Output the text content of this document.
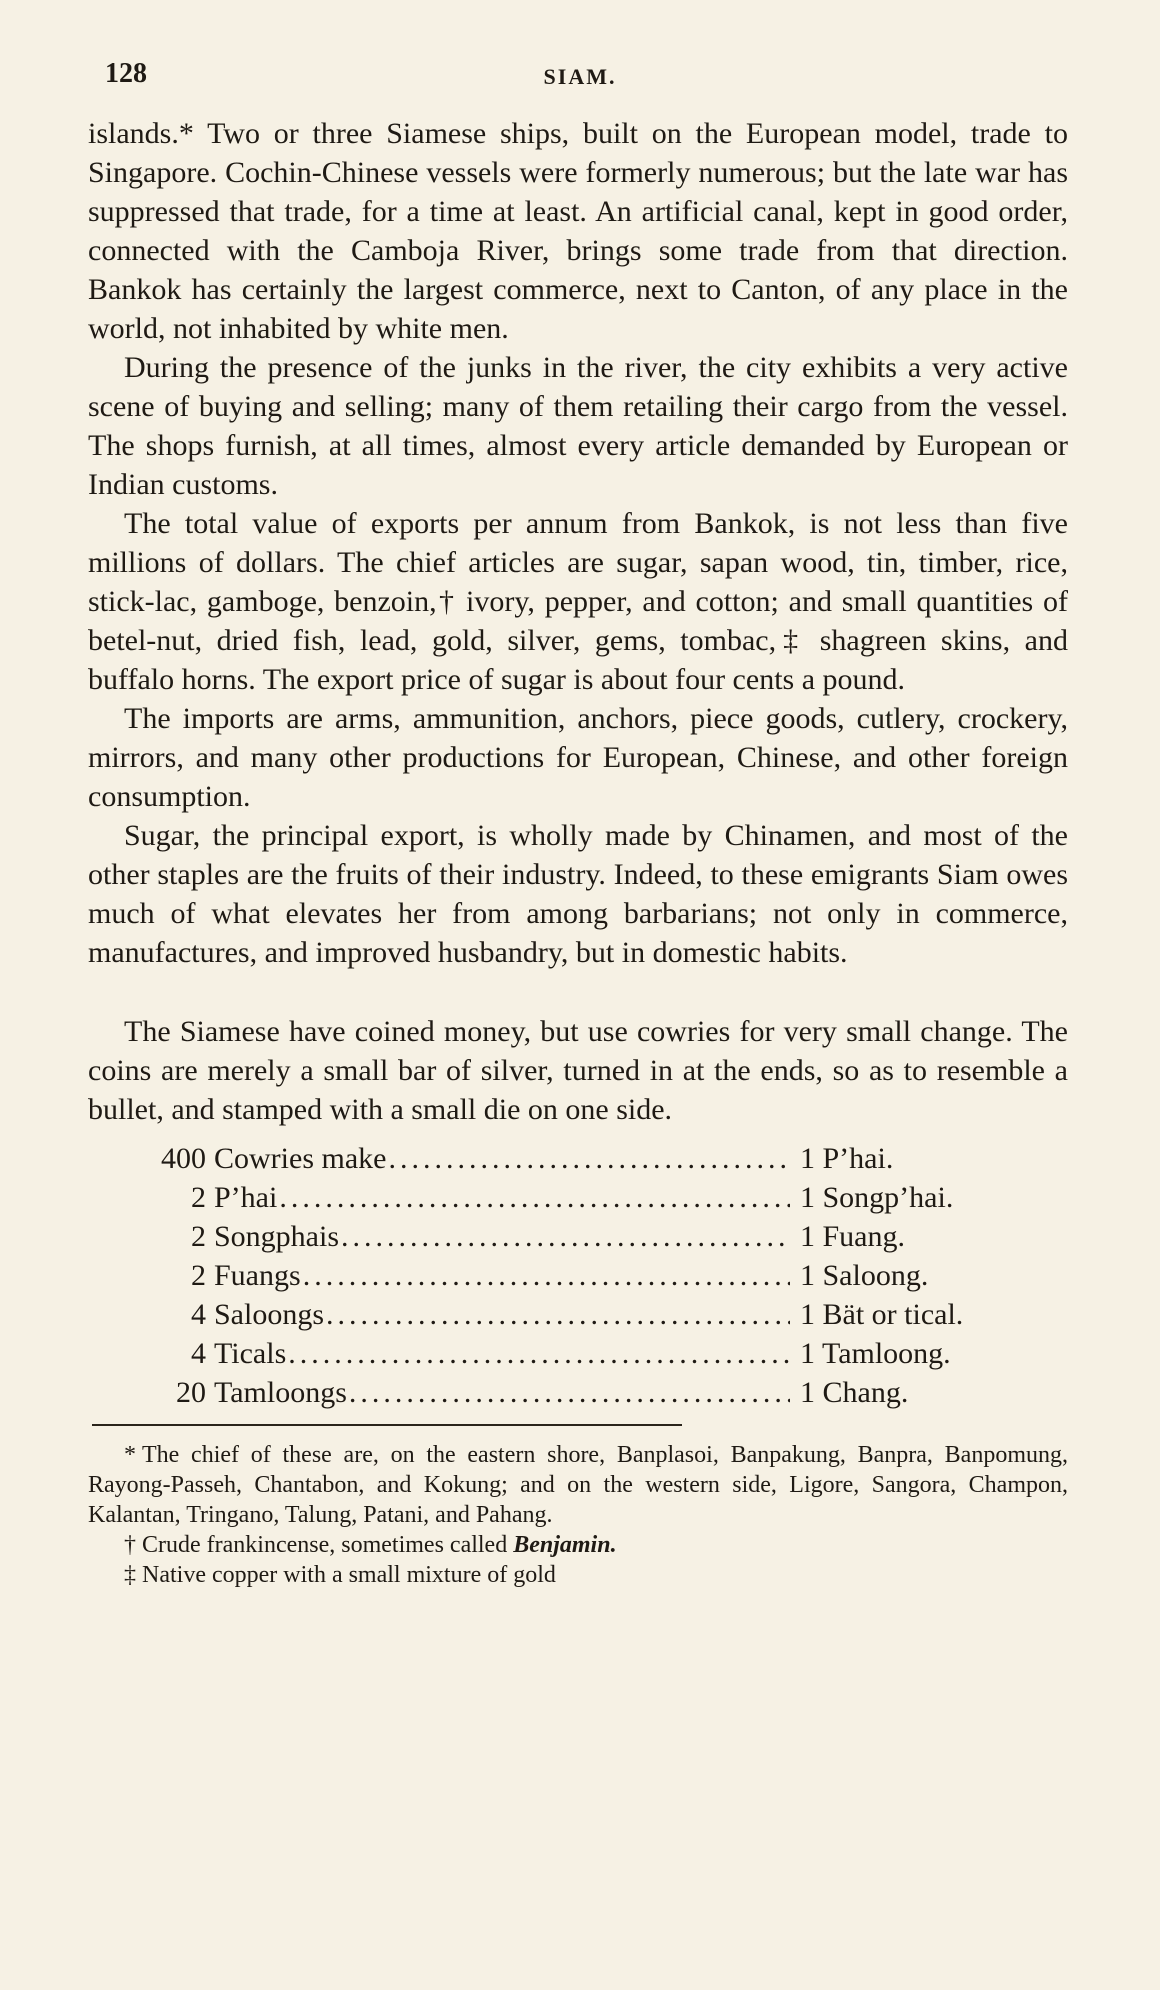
128	SIAM.

islands.* Two or three Siamese ships, built on the European model, trade to Singapore. Cochin-Chinese vessels were formerly numerous; but the late war has suppressed that trade, for a time at least. An artificial canal, kept in good order, connected with the Camboja River, brings some trade from that direction. Bankok has certainly the largest commerce, next to Canton, of any place in the world, not inhabited by white men.

During the presence of the junks in the river, the city exhibits a very active scene of buying and selling; many of them retailing their cargo from the vessel. The shops furnish, at all times, almost every article demanded by European or Indian customs.

The total value of exports per annum from Bankok, is not less than five millions of dollars. The chief articles are sugar, sapan wood, tin, timber, rice, stick-lac, gamboge, benzoin,† ivory, pepper, and cotton; and small quantities of betel-nut, dried fish, lead, gold, silver, gems, tombac,‡ shagreen skins, and buffalo horns. The export price of sugar is about four cents a pound.

The imports are arms, ammunition, anchors, piece goods, cutlery, crockery, mirrors, and many other productions for European, Chinese, and other foreign consumption.

Sugar, the principal export, is wholly made by Chinamen, and most of the other staples are the fruits of their industry. Indeed, to these emigrants Siam owes much of what elevates her from among barbarians; not only in commerce, manufactures, and improved husbandry, but in domestic habits.

The Siamese have coined money, but use cowries for very small change. The coins are merely a small bar of silver, turned in at the ends, so as to resemble a bullet, and stamped with a small die on one side.

400 Cowries make .....	1 P’hai.
2 P’hai .....	1 Songp’hai.
2 Songphais .....	1 Fuang.
2 Fuangs .....	1 Saloong.
4 Saloongs .....	1 Bät or tical.
4 Ticals .....	1 Tamloong.
20 Tamloongs .....	1 Chang.

* The chief of these are, on the eastern shore, Banplasoi, Banpakung, Banpra, Banpomung, Rayong-Passeh, Chantabon, and Kokung; and on the western side, Ligore, Sangora, Champon, Kalantan, Tringano, Talung, Patani, and Pahang.

† Crude frankincense, sometimes called Benjamin.

‡ Native copper with a small mixture of gold
